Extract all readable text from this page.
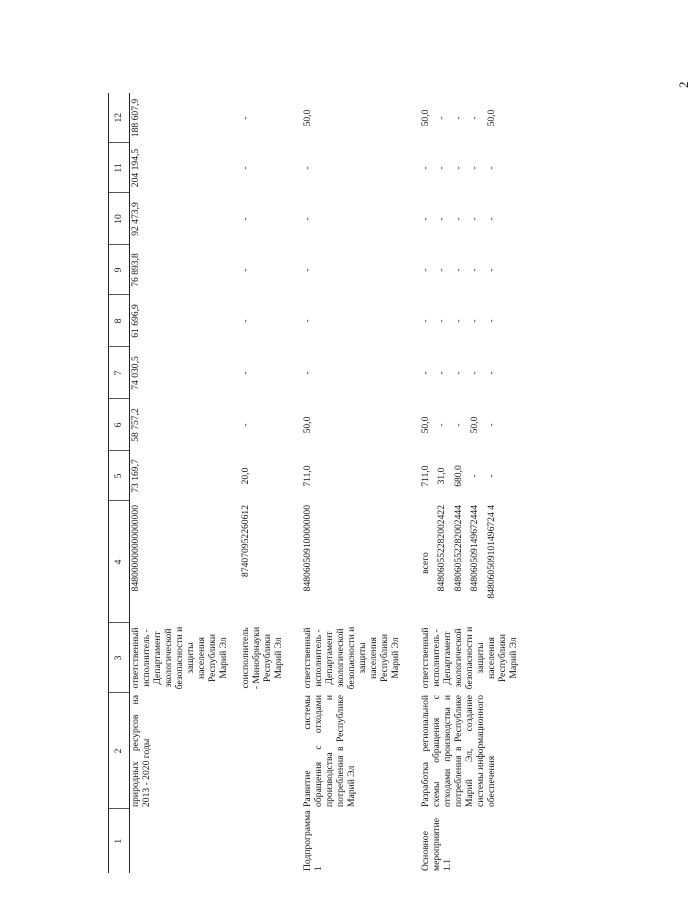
2
1	2	3	4	5	6	7	8	9	10	11	12
	природных ресурсов на 2013 - 2020 годы	ответственный исполнитель - Департамент экологической безопасности и защиты населения Республики Марий Эл	848000000000000000	73 169,7	58 757,2	74 030,5	61 696,9	76 893,8	92 473,9	204 194,5	188 607,9
		соисполнитель - Минобрнауки Республики Марий Эл	874070952260612	20,0	-	-	-	-	-	-	-
Подпрограмма 1	Развитие системы обращения с отходами производства и потребления в Республике Марий Эл	ответственный исполнитель - Департамент экологической безопасности и защиты населения Республики Марий Эл	848060509100000000	711,0	50,0	-	-	-	-	-	50,0
Основное мероприятие 1.1	Разработка региональной схемы обращения с отходами производства и потребления в Республике Марий Эл, создание системы информационного обеспечения	ответственный исполнитель - Департамент экологической безопасности и защиты населения Республики Марий Эл	всего	711,0	50,0	-	-	-	-	-	50,0
			848060552282002422	31,0	-	-	-	-	-	-	-
			848060552282002444	680,0	-	-	-	-	-	-	-
			848060509149672444	-	50,0	-	-	-	-	-	-
			848060509101496724 4	-	-	-	-	-	-	-	50,0
